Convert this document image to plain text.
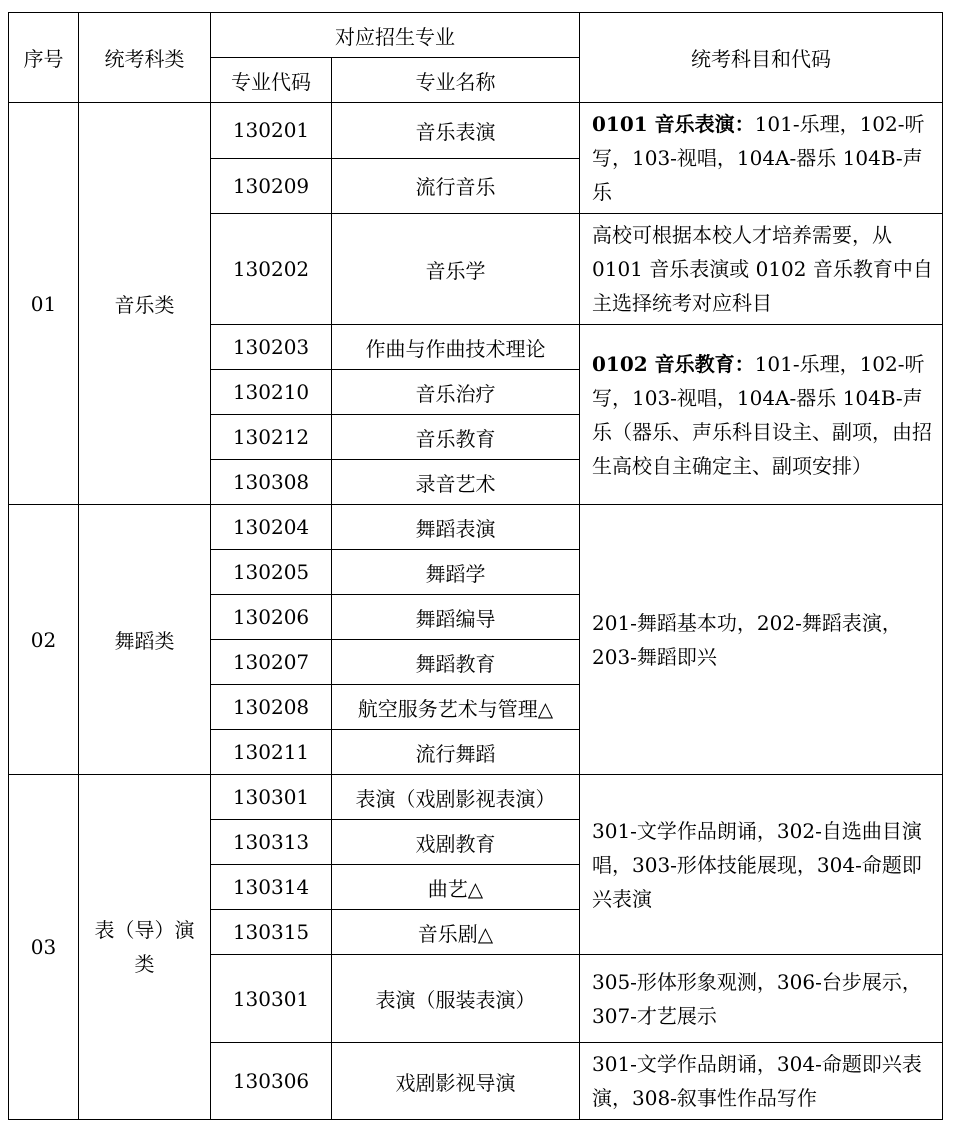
序号	统考科类	对应招生专业		统考科目和代码
		专业代码	专业名称	
01	音乐类	130201	音乐表演	0101 音乐表演：101-乐理，102-听写，103-视唱，104A-器乐 104B-声乐
		130209	流行音乐	
		130202	音乐学	高校可根据本校人才培养需要，从 0101 音乐表演或 0102 音乐教育中自主选择统考对应科目
		130203	作曲与作曲技术理论	0102 音乐教育：101-乐理，102-听写，103-视唱，104A-器乐 104B-声乐（器乐、声乐科目设主、副项，由招生高校自主确定主、副项安排）
		130210	音乐治疗	
		130212	音乐教育	
		130308	录音艺术	
02	舞蹈类	130204	舞蹈表演	201-舞蹈基本功，202-舞蹈表演，203-舞蹈即兴
		130205	舞蹈学	
		130206	舞蹈编导	
		130207	舞蹈教育	
		130208	航空服务艺术与管理△	
		130211	流行舞蹈	
03	表（导）演类	130301	表演（戏剧影视表演）	301-文学作品朗诵，302-自选曲目演唱，303-形体技能展现，304-命题即兴表演
		130313	戏剧教育	
		130314	曲艺△	
		130315	音乐剧△	
		130301	表演（服装表演）	305-形体形象观测，306-台步展示，307-才艺展示
		130306	戏剧影视导演	301-文学作品朗诵，304-命题即兴表演，308-叙事性作品写作
